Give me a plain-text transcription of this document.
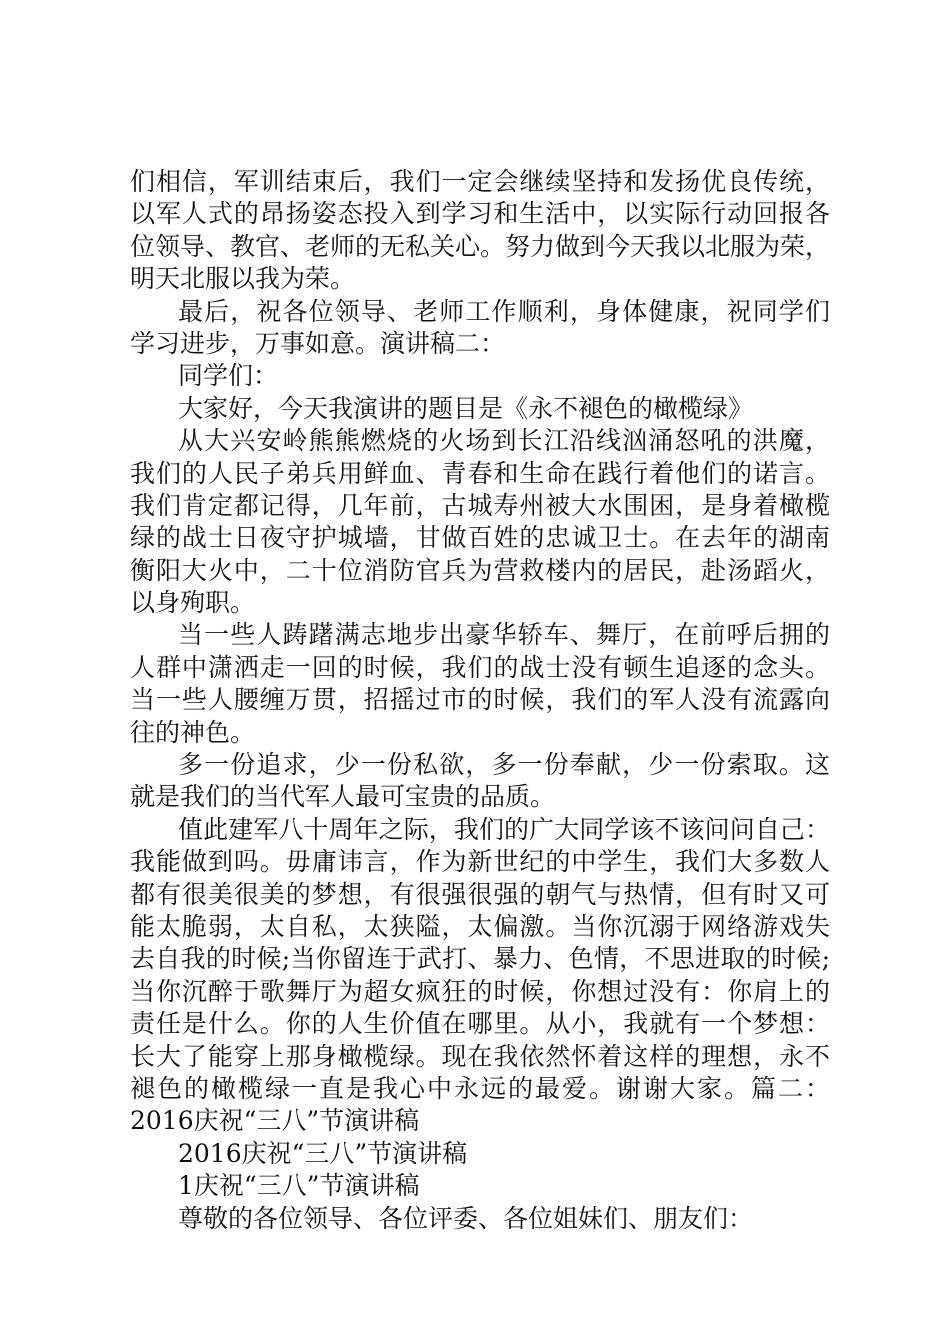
们相信，军训结束后，我们一定会继续坚持和发扬优良传统，
以军人式的昂扬姿态投入到学习和生活中，以实际行动回报各
位领导、教官、老师的无私关心。努力做到今天我以北服为荣，
明天北服以我为荣。
最后，祝各位领导、老师工作顺利，身体健康，祝同学们
学习进步，万事如意。演讲稿二：
同学们：
大家好，今天我演讲的题目是《永不褪色的橄榄绿》
从大兴安岭熊熊燃烧的火场到长江沿线汹涌怒吼的洪魔，
我们的人民子弟兵用鲜血、青春和生命在践行着他们的诺言。
我们肯定都记得，几年前，古城寿州被大水围困，是身着橄榄
绿的战士日夜守护城墙，甘做百姓的忠诚卫士。在去年的湖南
衡阳大火中，二十位消防官兵为营救楼内的居民，赴汤蹈火，
以身殉职。
当一些人踌躇满志地步出豪华轿车、舞厅，在前呼后拥的
人群中潇洒走一回的时候，我们的战士没有顿生追逐的念头。
当一些人腰缠万贯，招摇过市的时候，我们的军人没有流露向
往的神色。
多一份追求，少一份私欲，多一份奉献，少一份索取。这
就是我们的当代军人最可宝贵的品质。
值此建军八十周年之际，我们的广大同学该不该问问自己：
我能做到吗。毋庸讳言，作为新世纪的中学生，我们大多数人
都有很美很美的梦想，有很强很强的朝气与热情，但有时又可
能太脆弱，太自私，太狭隘，太偏激。当你沉溺于网络游戏失
去自我的时候;当你留连于武打、暴力、色情，不思进取的时候;
当你沉醉于歌舞厅为超女疯狂的时候，你想过没有：你肩上的
责任是什么。你的人生价值在哪里。从小，我就有一个梦想：
长大了能穿上那身橄榄绿。现在我依然怀着这样的理想，永不
褪色的橄榄绿一直是我心中永远的最爱。谢谢大家。篇二：
2016庆祝“三八”节演讲稿
2016庆祝“三八”节演讲稿
1庆祝“三八”节演讲稿
尊敬的各位领导、各位评委、各位姐妹们、朋友们：
